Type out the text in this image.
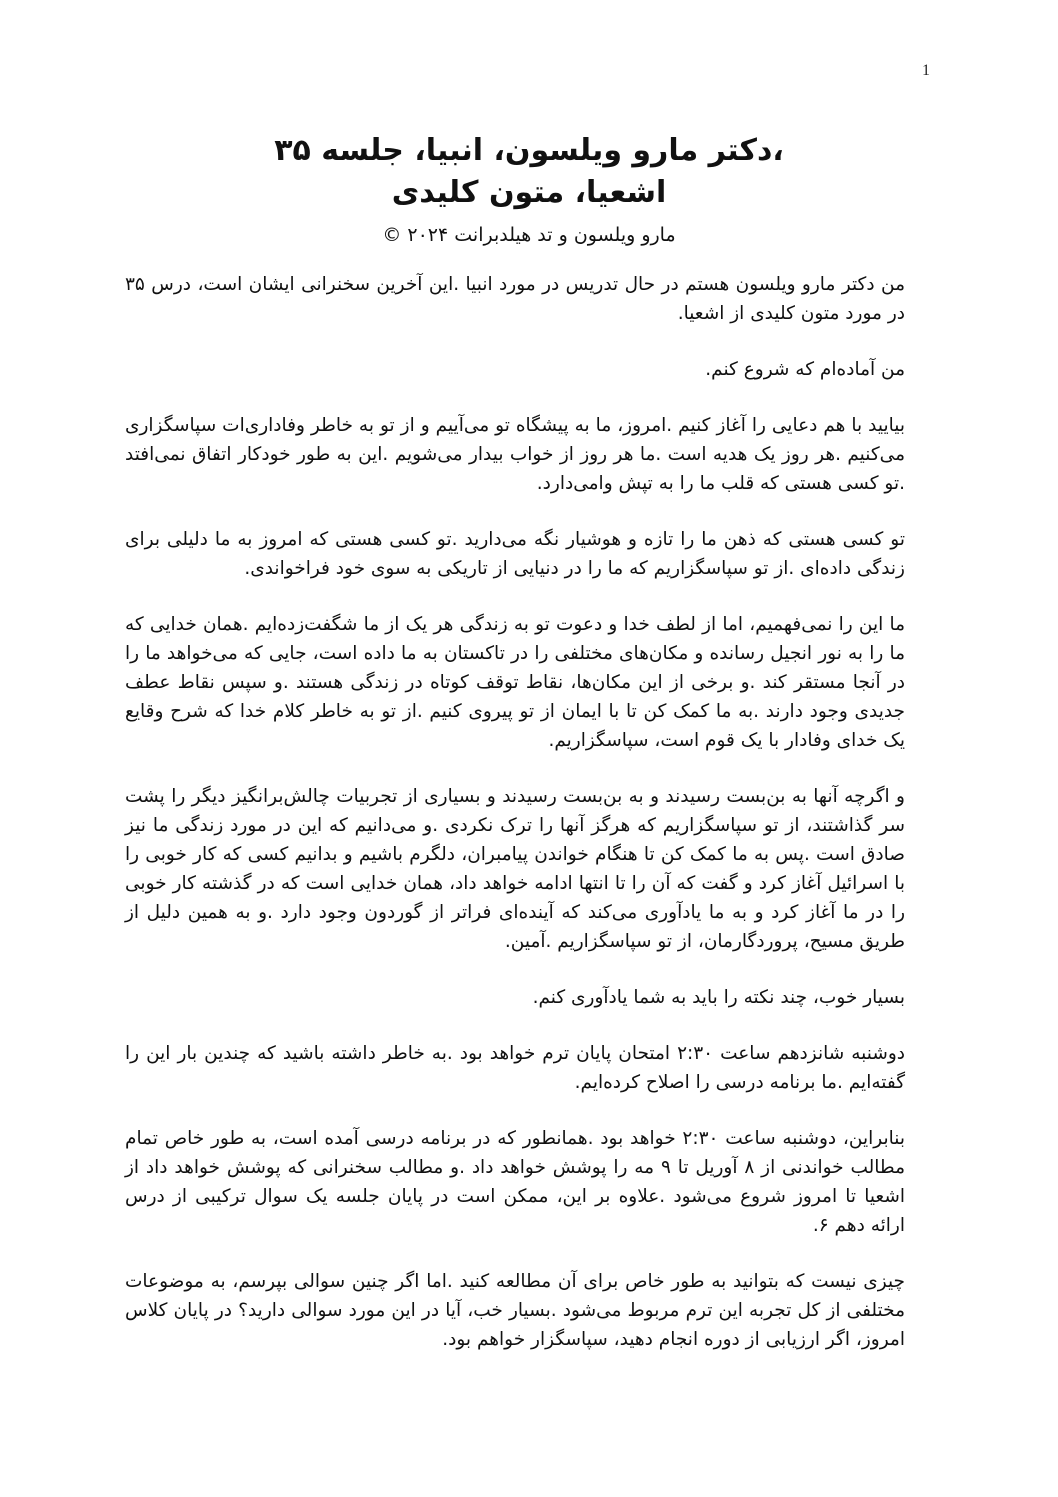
1
،دکتر مارو ویلسون، انبیا، جلسه ۳۵
اشعیا، متون کلیدی
مارو ویلسون و تد هیلدبرانت ۲۰۲۴ ©

من دکتر مارو ویلسون هستم در حال تدریس در مورد انبیا .این آخرین سخنرانی ایشان است، درس ۳۵ در مورد متون کلیدی از اشعیا.

من آماده‌ام که شروع کنم.

بیایید با هم دعایی را آغاز کنیم .امروز، ما به پیشگاه تو می‌آییم و از تو به خاطر وفاداری‌ات سپاسگزاری می‌کنیم .هر روز یک هدیه است .ما هر روز از خواب بیدار می‌شویم .این به طور خودکار اتفاق نمی‌افتد .تو کسی هستی که قلب ما را به تپش وامی‌دارد.

تو کسی هستی که ذهن ما را تازه و هوشیار نگه می‌دارید .تو کسی هستی که امروز به ما دلیلی برای زندگی داده‌ای .از تو سپاسگزاریم که ما را در دنیایی از تاریکی به سوی خود فراخواندی.

ما این را نمی‌فهمیم، اما از لطف خدا و دعوت تو به زندگی هر یک از ما شگفت‌زده‌ایم .همان خدایی که ما را به نور انجیل رسانده و مکان‌های مختلفی را در تاکستان به ما داده است، جایی که می‌خواهد ما را در آنجا مستقر کند .و برخی از این مکان‌ها، نقاط توقف کوتاه در زندگی هستند .و سپس نقاط عطف جدیدی وجود دارند .به ما کمک کن تا با ایمان از تو پیروی کنیم .از تو به خاطر کلام خدا که شرح وقایع یک خدای وفادار با یک قوم است، سپاسگزاریم.

و اگرچه آنها به بن‌بست رسیدند و به بن‌بست رسیدند و بسیاری از تجربیات چالش‌برانگیز دیگر را پشت سر گذاشتند، از تو سپاسگزاریم که هرگز آنها را ترک نکردی .و می‌دانیم که این در مورد زندگی ما نیز صادق است .پس به ما کمک کن تا هنگام خواندن پیامبران، دلگرم باشیم و بدانیم کسی که کار خوبی را با اسرائیل آغاز کرد و گفت که آن را تا انتها ادامه خواهد داد، همان خدایی است که در گذشته کار خوبی را در ما آغاز کرد و به ما یادآوری می‌کند که آینده‌ای فراتر از گوردون وجود دارد .و به همین دلیل از طریق مسیح، پروردگارمان، از تو سپاسگزاریم .آمین.

بسیار خوب، چند نکته را باید به شما یادآوری کنم.

دوشنبه شانزدهم ساعت ۲:۳۰ امتحان پایان ترم خواهد بود .به خاطر داشته باشید که چندین بار این را گفته‌ایم .ما برنامه درسی را اصلاح کرده‌ایم.

بنابراین، دوشنبه ساعت ۲:۳۰ خواهد بود .همانطور که در برنامه درسی آمده است، به طور خاص تمام مطالب خواندنی از ۸ آوریل تا ۹ مه را پوشش خواهد داد .و مطالب سخنرانی که پوشش خواهد داد از اشعیا تا امروز شروع می‌شود .علاوه بر این، ممکن است در پایان جلسه یک سوال ترکیبی از درس ارائه دهم ۶.

چیزی نیست که بتوانید به طور خاص برای آن مطالعه کنید .اما اگر چنین سوالی بپرسم، به موضوعات مختلفی از کل تجربه این ترم مربوط می‌شود .بسیار خب، آیا در این مورد سوالی دارید؟ در پایان کلاس امروز، اگر ارزیابی از دوره انجام دهید، سپاسگزار خواهم بود.
